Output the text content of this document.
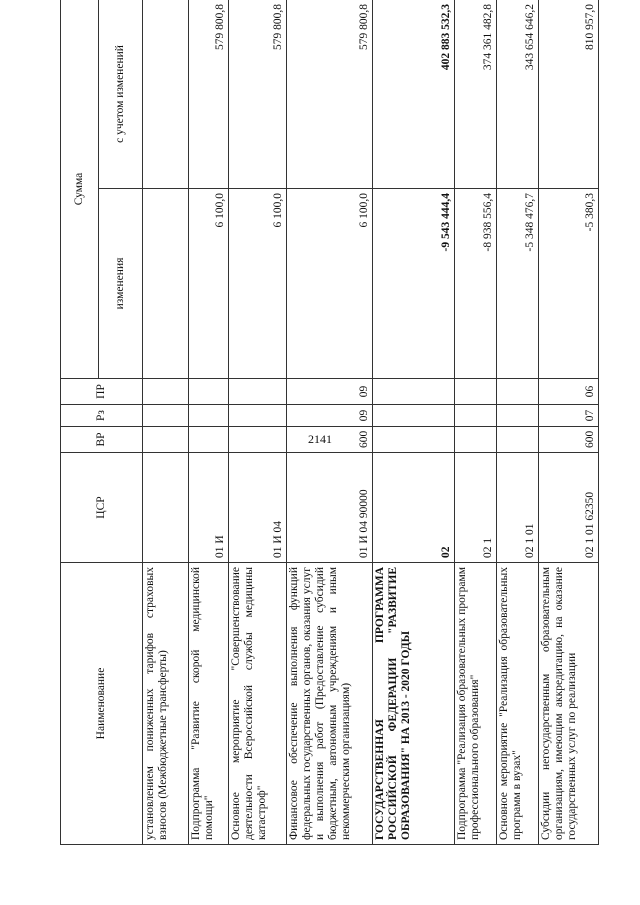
2141
Наименование	ЦСР	ВР	Рз	ПР	Сумма	
					изменения	с учетом изменений
установлением пониженных тарифов страховых взносов (Межбюджетные трансферты)						
Подпрограмма "Развитие скорой медицинской помощи"	01 И				6 100,0	579 800,8
Основное мероприятие "Совершенствование деятельности Всероссийской службы медицины катастроф"	01 И 04				6 100,0	579 800,8
Финансовое обеспечение выполнения функций федеральных государственных органов, оказания услуг и выполнения работ (Предоставление субсидий бюджетным, автономным учреждениям и иным некоммерческим организациям)	01 И 04 90000	600	09	09	6 100,0	579 800,8
ГОСУДАРСТВЕННАЯ ПРОГРАММА РОССИЙСКОЙ ФЕДЕРАЦИИ "РАЗВИТИЕ ОБРАЗОВАНИЯ" НА 2013 - 2020 ГОДЫ	02				-9 543 444,4	402 883 532,3
Подпрограмма "Реализация образовательных программ профессионального образования"	02 1				-8 938 556,4	374 361 482,8
Основное мероприятие "Реализация образовательных программ в вузах"	02 1 01				-5 348 476,7	343 654 646,2
Субсидии негосударственным образовательным организациям, имеющим аккредитацию, на оказание государственных услуг по реализации	02 1 01 62350	600	07	06	-5 380,3	810 957,0
